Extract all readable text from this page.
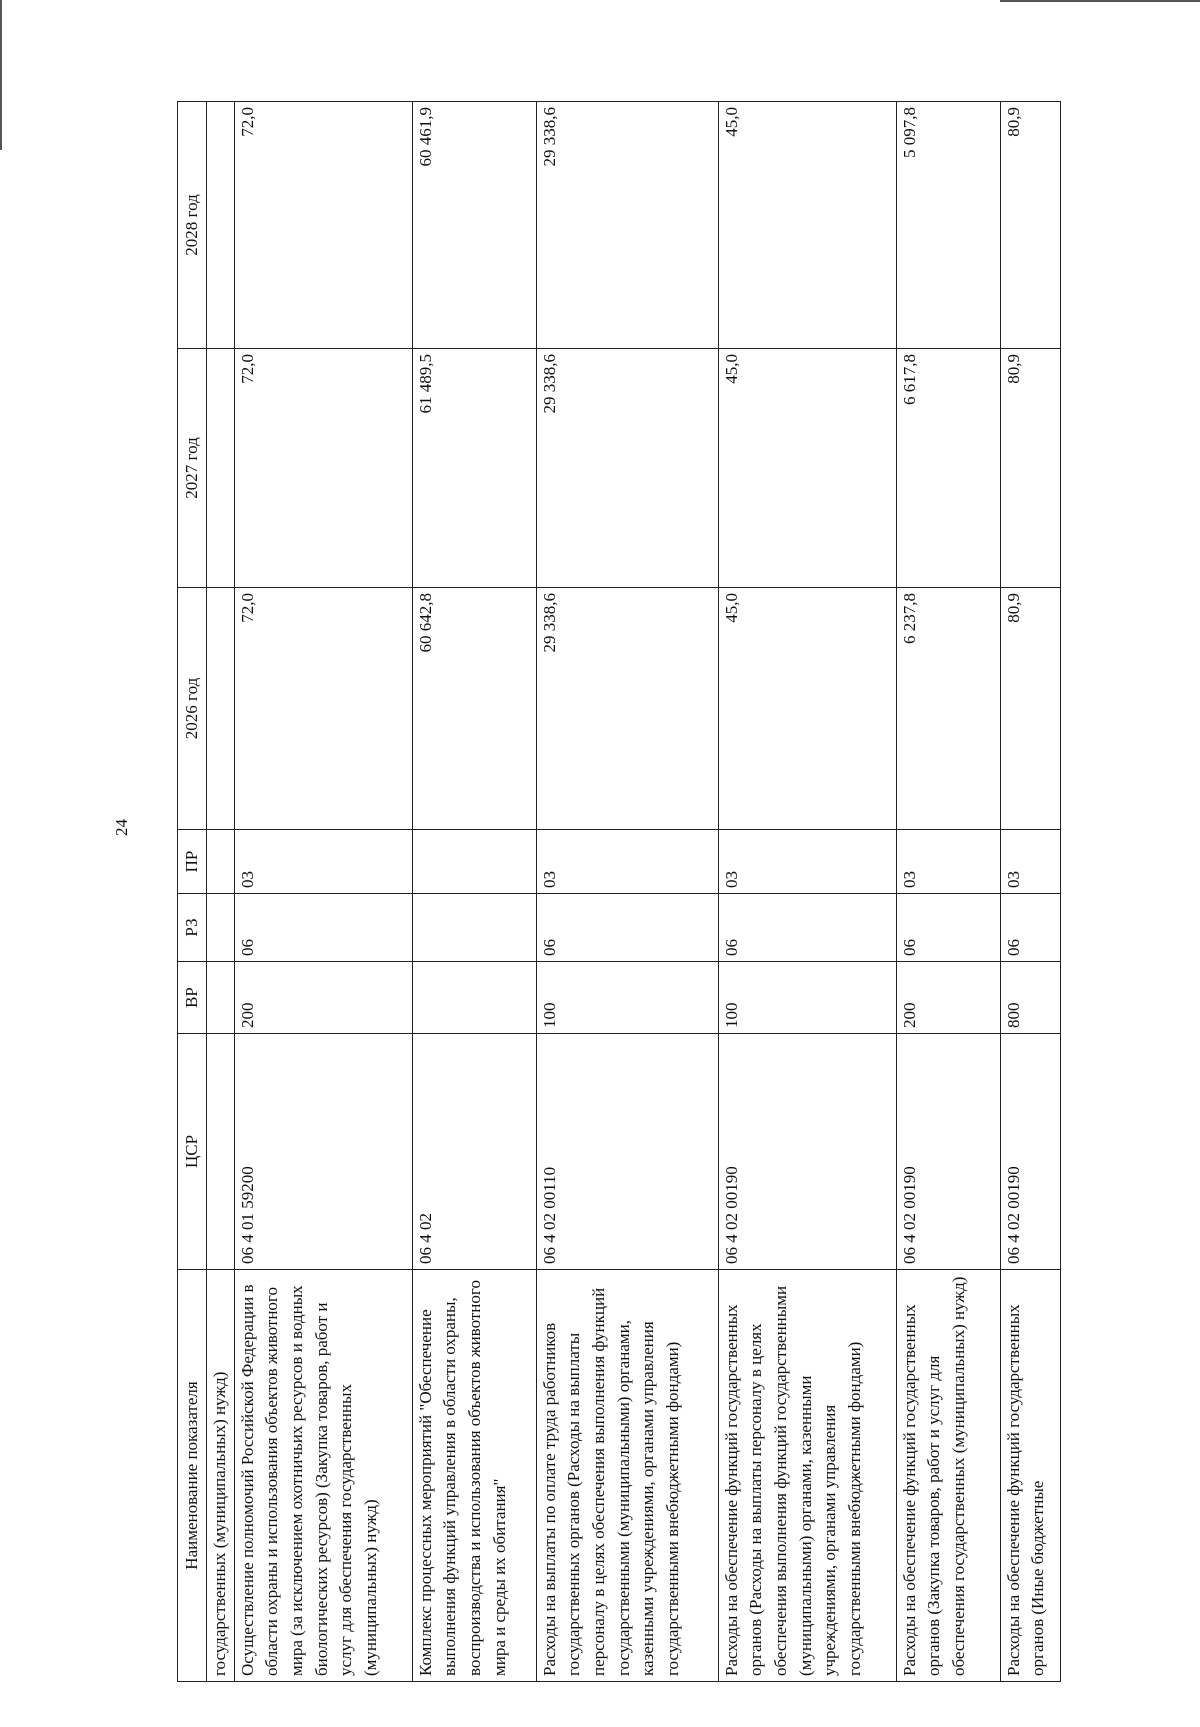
24
Наименование показателя	ЦСР	ВР	РЗ	ПР	2026 год	2027 год	2028 год
государственных (муниципальных) нужд)							
Осуществление полномочий Российской Федерации в области охраны и использования объектов животного мира (за исключением охотничьих ресурсов и водных биологических ресурсов) (Закупка товаров, работ и услуг для обеспечения государственных (муниципальных) нужд)	06 4 01 59200	200	06	03	72,0	72,0	72,0
Комплекс процессных мероприятий "Обеспечение выполнения функций управления в области охраны, воспроизводства и использования объектов животного мира и среды их обитания"	06 4 02				60 642,8	61 489,5	60 461,9
Расходы на выплаты по оплате труда работников государственных органов (Расходы на выплаты персоналу в целях обеспечения выполнения функций государственными (муниципальными) органами, казенными учреждениями, органами управления государственными внебюджетными фондами)	06 4 02 00110	100	06	03	29 338,6	29 338,6	29 338,6
Расходы на обеспечение функций государственных органов (Расходы на выплаты персоналу в целях обеспечения выполнения функций государственными (муниципальными) органами, казенными учреждениями, органами управления государственными внебюджетными фондами)	06 4 02 00190	100	06	03	45,0	45,0	45,0
Расходы на обеспечение функций государственных органов (Закупка товаров, работ и услуг для обеспечения государственных (муниципальных) нужд)	06 4 02 00190	200	06	03	6 237,8	6 617,8	5 097,8
Расходы на обеспечение функций государственных органов (Иные бюджетные	06 4 02 00190	800	06	03	80,9	80,9	80,9
